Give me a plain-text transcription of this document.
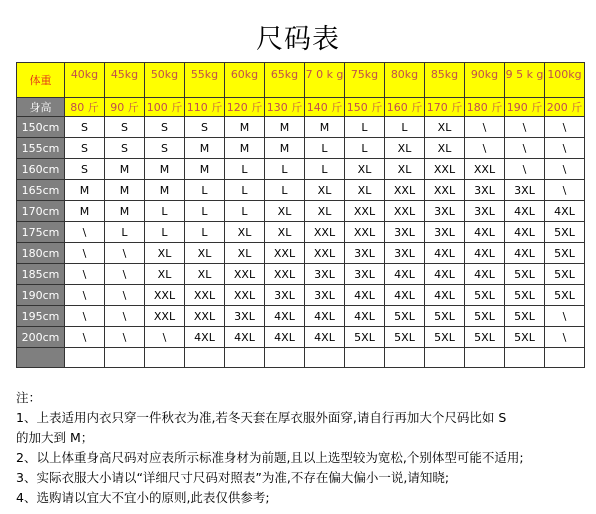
尺码表
体重	40kg	45kg	50kg	55kg	60kg	65kg	7 0 k g	75kg	80kg	85kg	90kg	9 5 k g	100kg
身高	80 斤	90 斤	100 斤	110 斤	120 斤	130 斤	140 斤	150 斤	160 斤	170 斤	180 斤	190 斤	200 斤
150cm	S	S	S	S	M	M	M	L	L	XL	\	\	\
155cm	S	S	S	M	M	M	L	L	XL	XL	\	\	\
160cm	S	M	M	M	L	L	L	XL	XL	XXL	XXL	\	\
165cm	M	M	M	L	L	L	XL	XL	XXL	XXL	3XL	3XL	\
170cm	M	M	L	L	L	XL	XL	XXL	XXL	3XL	3XL	4XL	4XL
175cm	\	L	L	L	XL	XL	XXL	XXL	3XL	3XL	4XL	4XL	5XL
180cm	\	\	XL	XL	XL	XXL	XXL	3XL	3XL	4XL	4XL	4XL	5XL
185cm	\	\	XL	XL	XXL	XXL	3XL	3XL	4XL	4XL	4XL	5XL	5XL
190cm	\	\	XXL	XXL	XXL	3XL	3XL	4XL	4XL	4XL	5XL	5XL	5XL
195cm	\	\	XXL	XXL	3XL	4XL	4XL	4XL	5XL	5XL	5XL	5XL	\
200cm	\	\	\	4XL	4XL	4XL	4XL	5XL	5XL	5XL	5XL	5XL	\

注：
1、上表适用内衣只穿一件秋衣为准,若冬天套在厚衣服外面穿,请自行再加大个尺码比如 S
的加大到 M；
2、以上体重身高尺码对应表所示标准身材为前题,且以上选型较为宽松,个别体型可能不适用;
3、实际衣服大小请以“详细尺寸尺码对照表”为准,不存在偏大偏小一说,请知晓;
4、选购请以宜大不宜小的原则,此表仅供参考;
